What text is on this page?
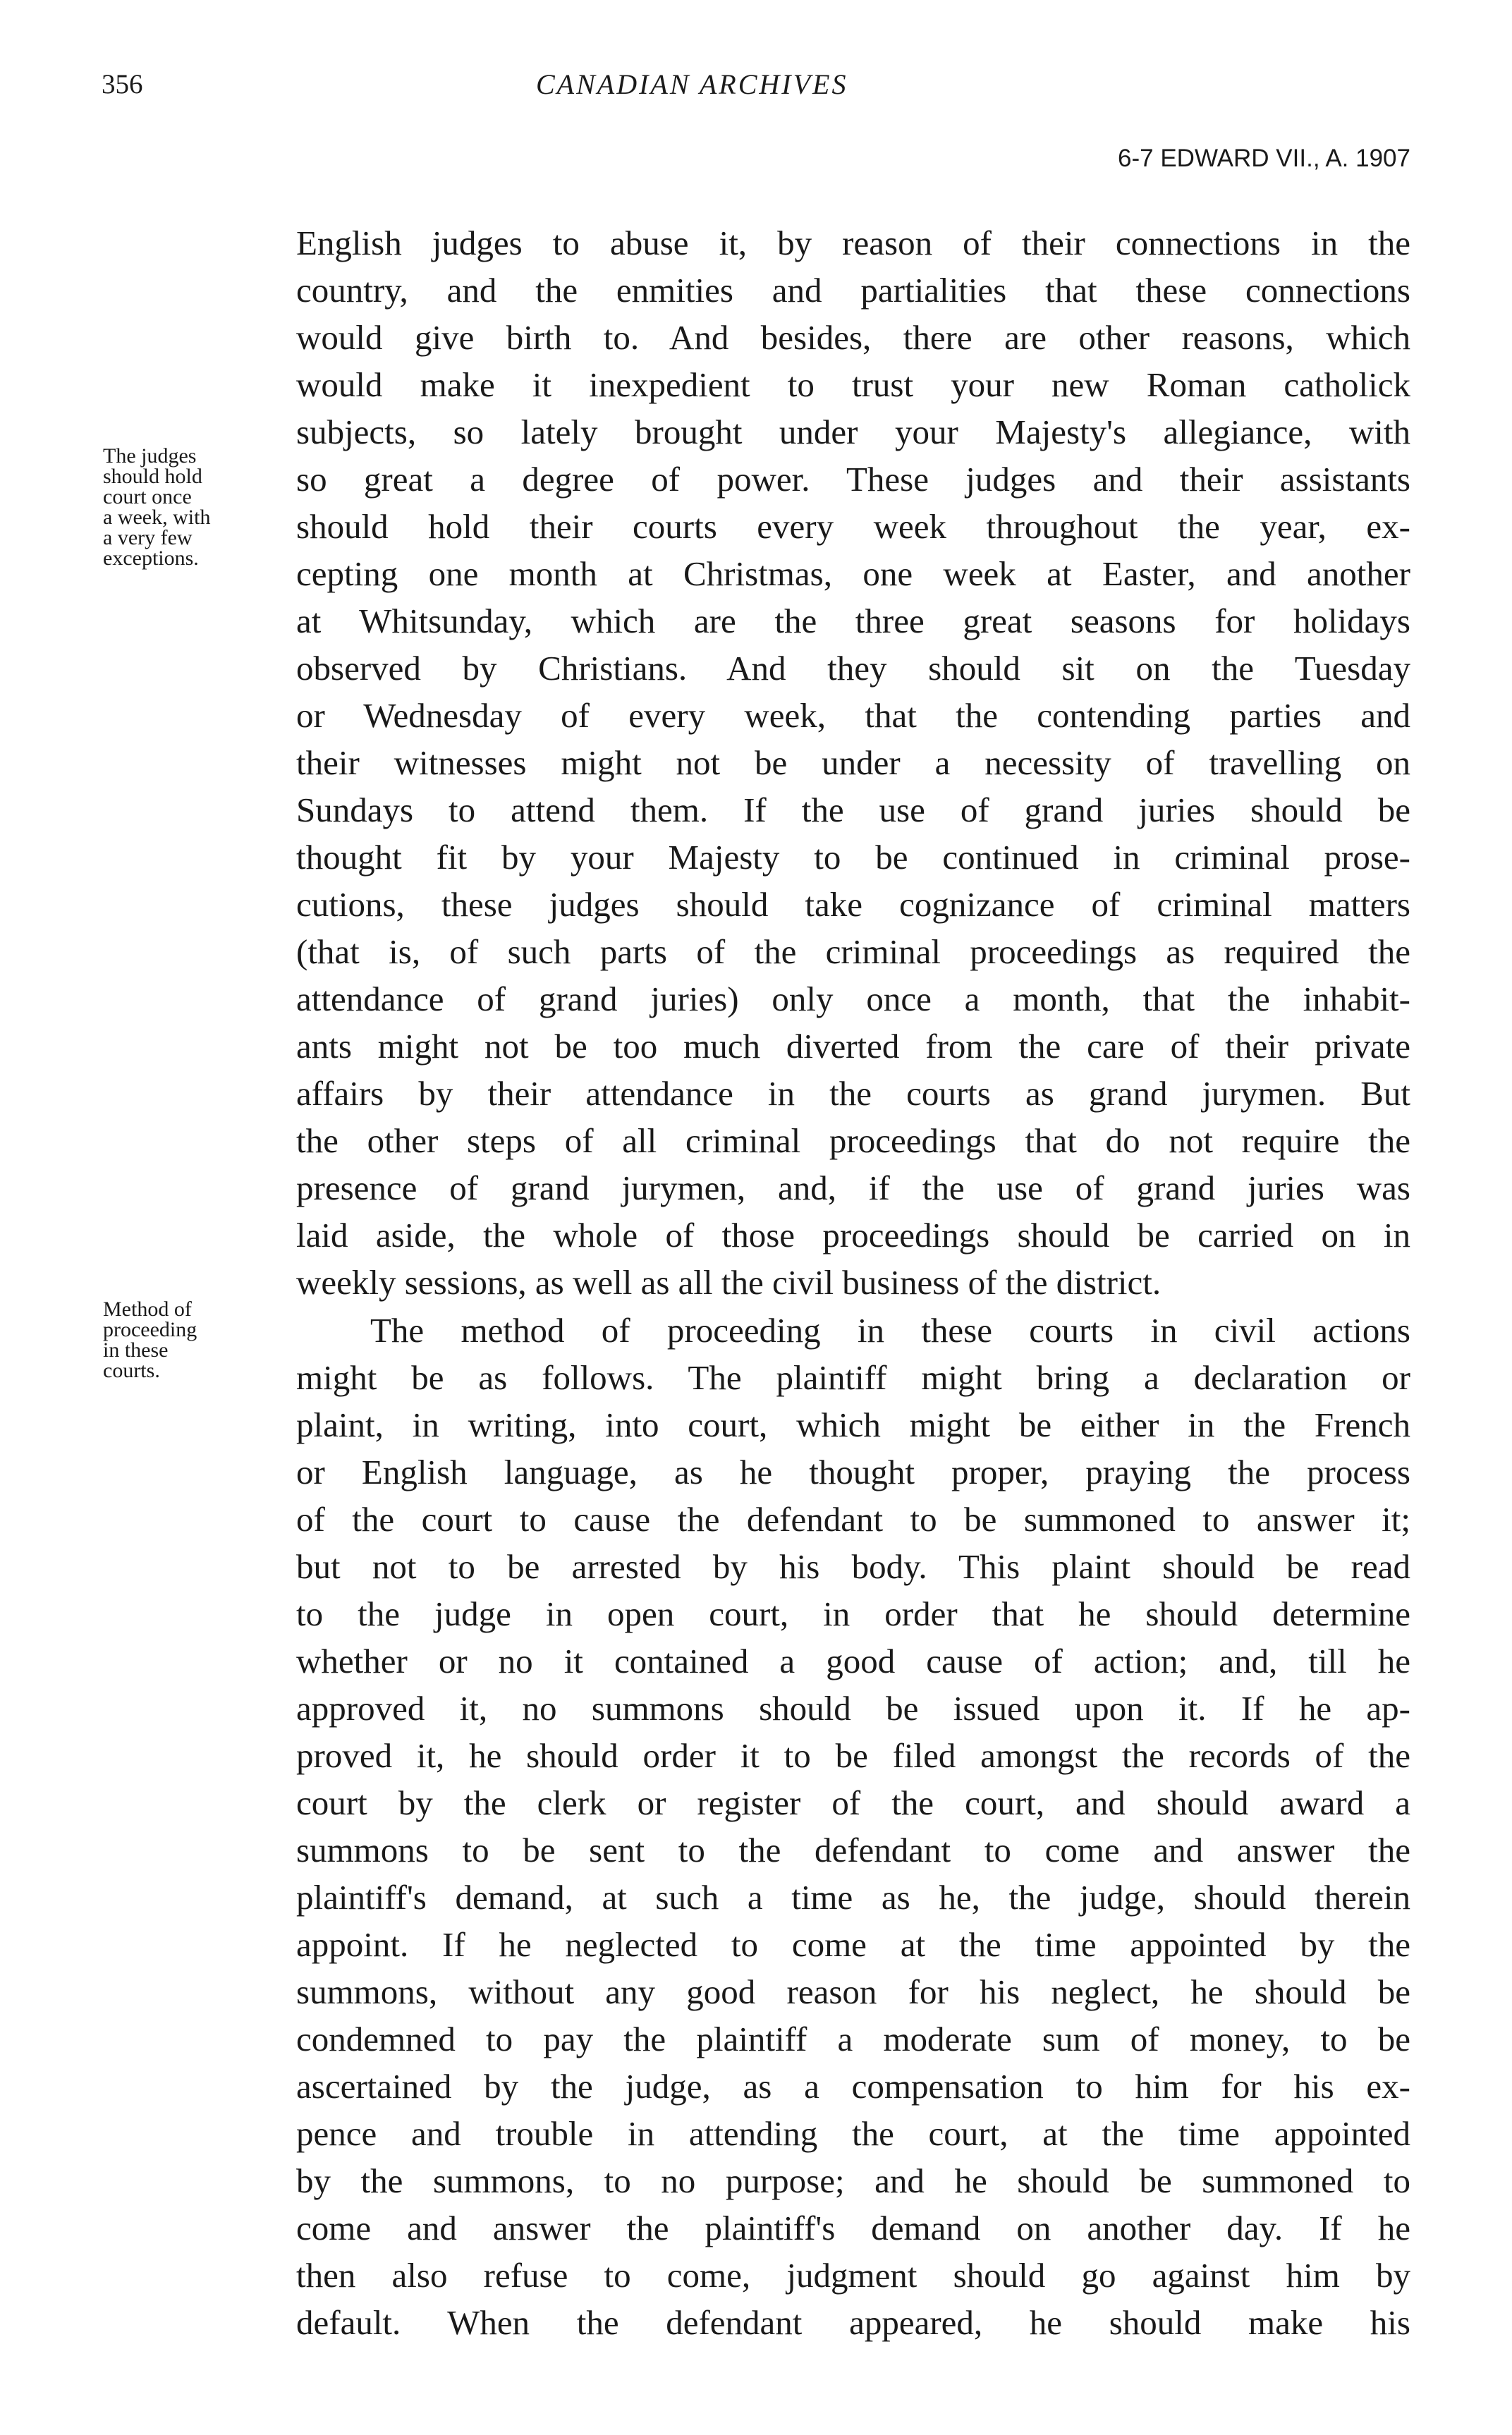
356	CANADIAN ARCHIVES
6-7 EDWARD VII., A. 1907
The judges
should hold
court once
a week, with
a very few
exceptions.
Method of
proceeding
in these
courts.
English judges to abuse it, by reason of their connections in the
country, and the enmities and partialities that these connections
would give birth to. And besides, there are other reasons, which
would make it inexpedient to trust your new Roman catholick
subjects, so lately brought under your Majesty's allegiance, with
so great a degree of power. These judges and their assistants
should hold their courts every week throughout the year, ex-
cepting one month at Christmas, one week at Easter, and another
at Whitsunday, which are the three great seasons for holidays
observed by Christians. And they should sit on the Tuesday
or Wednesday of every week, that the contending parties and
their witnesses might not be under a necessity of travelling on
Sundays to attend them. If the use of grand juries should be
thought fit by your Majesty to be continued in criminal prose-
cutions, these judges should take cognizance of criminal matters
(that is, of such parts of the criminal proceedings as required the
attendance of grand juries) only once a month, that the inhabit-
ants might not be too much diverted from the care of their private
affairs by their attendance in the courts as grand jurymen. But
the other steps of all criminal proceedings that do not require the
presence of grand jurymen, and, if the use of grand juries was
laid aside, the whole of those proceedings should be carried on in
weekly sessions, as well as all the civil business of the district.
The method of proceeding in these courts in civil actions
might be as follows. The plaintiff might bring a declaration or
plaint, in writing, into court, which might be either in the French
or English language, as he thought proper, praying the process
of the court to cause the defendant to be summoned to answer it;
but not to be arrested by his body. This plaint should be read
to the judge in open court, in order that he should determine
whether or no it contained a good cause of action; and, till he
approved it, no summons should be issued upon it. If he ap-
proved it, he should order it to be filed amongst the records of the
court by the clerk or register of the court, and should award a
summons to be sent to the defendant to come and answer the
plaintiff's demand, at such a time as he, the judge, should therein
appoint. If he neglected to come at the time appointed by the
summons, without any good reason for his neglect, he should be
condemned to pay the plaintiff a moderate sum of money, to be
ascertained by the judge, as a compensation to him for his ex-
pence and trouble in attending the court, at the time appointed
by the summons, to no purpose; and he should be summoned to
come and answer the plaintiff's demand on another day. If he
then also refuse to come, judgment should go against him by
default. When the defendant appeared, he should make his
